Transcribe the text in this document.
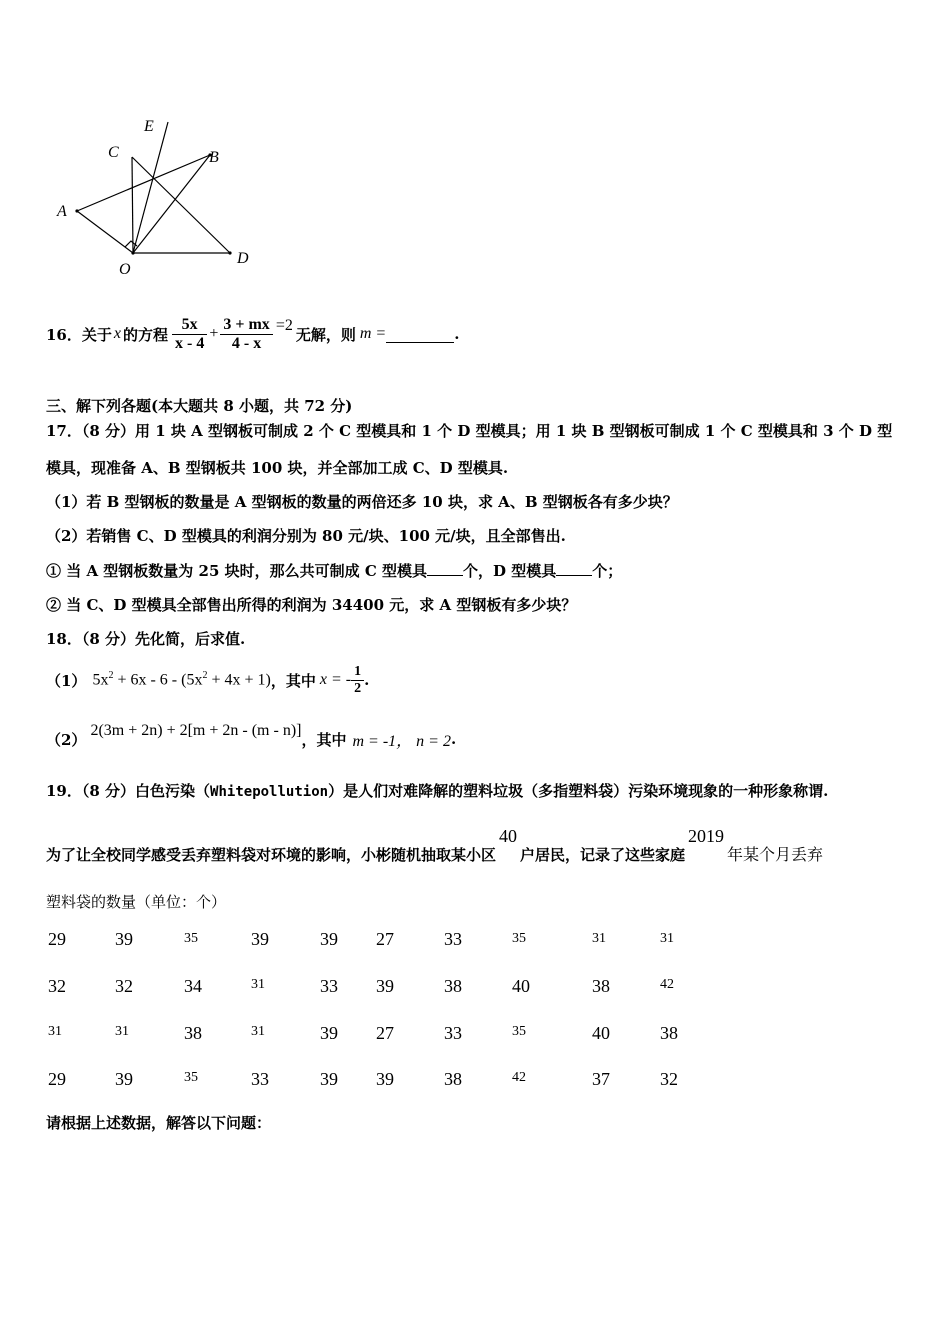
E
C	B
A
O
D
16．关于 x 的方程 $\frac{5x}{x - 4} + \frac{3 + mx}{4 - x} =2$ 无解，则 m =	.
三、解下列各题(本大题共 8 小题，共 72 分)
17．（8 分）用 1 块 A 型钢板可制成 2 个 C 型模具和 1 个 D 型模具；用 1 块 B 型钢板可制成 1 个 C 型模具和 3 个 D 型
模具，现准备 A、B 型钢板共 100 块，并全部加工成 C、D 型模具.
（1）若 B 型钢板的数量是 A 型钢板的数量的两倍还多 10 块，求 A、B 型钢板各有多少块？
（2）若销售 C、D 型模具的利润分别为 80 元/块、100 元/块，且全部售出.
① 当 A 型钢板数量为 25 块时，那么共可制成 C 型模具 个，D 型模具 个；
② 当 C、D 型模具全部售出所得的利润为 34400 元，求 A 型钢板有多少块？
18．（8 分）先化简，后求值.
（1） $5x^2 + 6x - 6 - (5x^2 + 4x + 1)$ ，其中 x = - $\frac{1}{2}$ .
（2） 2(3m + 2n) + 2[m + 2n - (m - n)] ，其中 m = -1， n = 2 .
19．（8 分）白色污染（Whitepollution）是人们对难降解的塑料垃圾（多指塑料袋）污染环境现象的一种形象称谓.
为了让全校同学感受丢弃塑料袋对环境的影响，小彬随机抽取某小区40户居民，记录了这些家庭2019年某个月丢弃
塑料袋的数量（单位：个）
29	39	35	39	39 27	33	35	31	31
32	32	34	31	33 39	38	40	38	42
31	31	38	31	39 27	33	35	40	38
29	39	35	33	39 39	38	42	37	32
请根据上述数据，解答以下问题：
